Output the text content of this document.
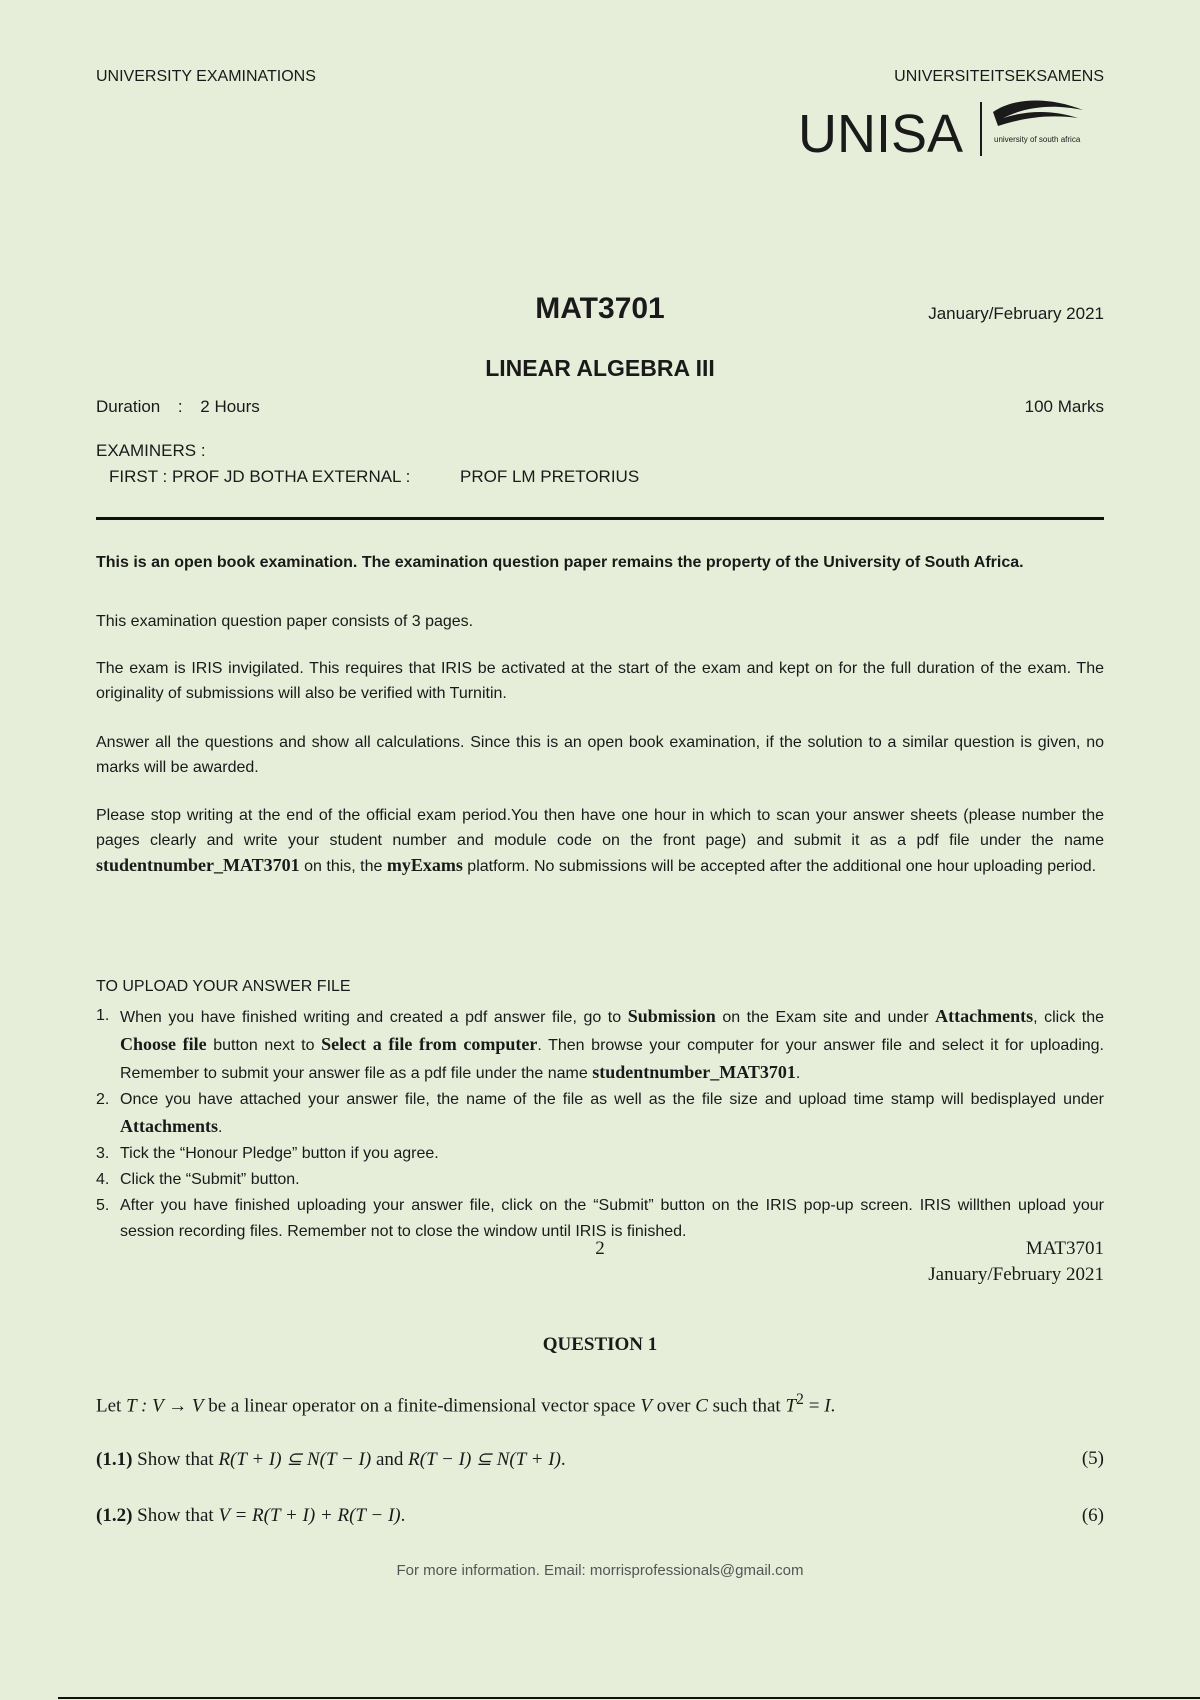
UNIVERSITY EXAMINATIONS	UNIVERSITEITSEKSAMENS
UNISA	university of south africa
MAT3701	January/February 2021
LINEAR ALGEBRA III
Duration : 2 Hours	100 Marks
EXAMINERS :
FIRST : PROF JD BOTHA EXTERNAL :	PROF LM PRETORIUS
This is an open book examination. The examination question paper remains the property of the University of South Africa.
This examination question paper consists of 3 pages.
The exam is IRIS invigilated. This requires that IRIS be activated at the start of the exam and kept on for the full duration of the exam. The originality of submissions will also be verified with Turnitin.
Answer all the questions and show all calculations. Since this is an open book examination, if the solution to a similar question is given, no marks will be awarded.
Please stop writing at the end of the official exam period.You then have one hour in which to scan your answer sheets (please number the pages clearly and write your student number and module code on the front page) and submit it as a pdf file under the name studentnumber_MAT3701 on this, the myExams platform. No submissions will be accepted after the additional one hour uploading period.
TO UPLOAD YOUR ANSWER FILE
1. When you have finished writing and created a pdf answer file, go to Submission on the Exam site and under Attachments, click the Choose file button next to Select a file from computer. Then browse your computer for your answer file and select it for uploading. Remember to submit your answer file as a pdf file under the name studentnumber_MAT3701.
2. Once you have attached your answer file, the name of the file as well as the file size and upload time stamp will bedisplayed under Attachments.
3. Tick the “Honour Pledge” button if you agree.
4. Click the “Submit” button.
5. After you have finished uploading your answer file, click on the “Submit” button on the IRIS pop-up screen. IRIS willthen upload your session recording files. Remember not to close the window until IRIS is finished.
2	MAT3701
January/February 2021
QUESTION 1
Let T : V → V be a linear operator on a finite-dimensional vector space V over C such that $T^2 = I$.
(1.1) Show that R(T + I) ⊆ N(T − I) and R(T − I) ⊆ N(T + I).	(5)
(1.2) Show that V = R(T + I) + R(T − I).	(6)
For more information. Email: morrisprofessionals@gmail.com
